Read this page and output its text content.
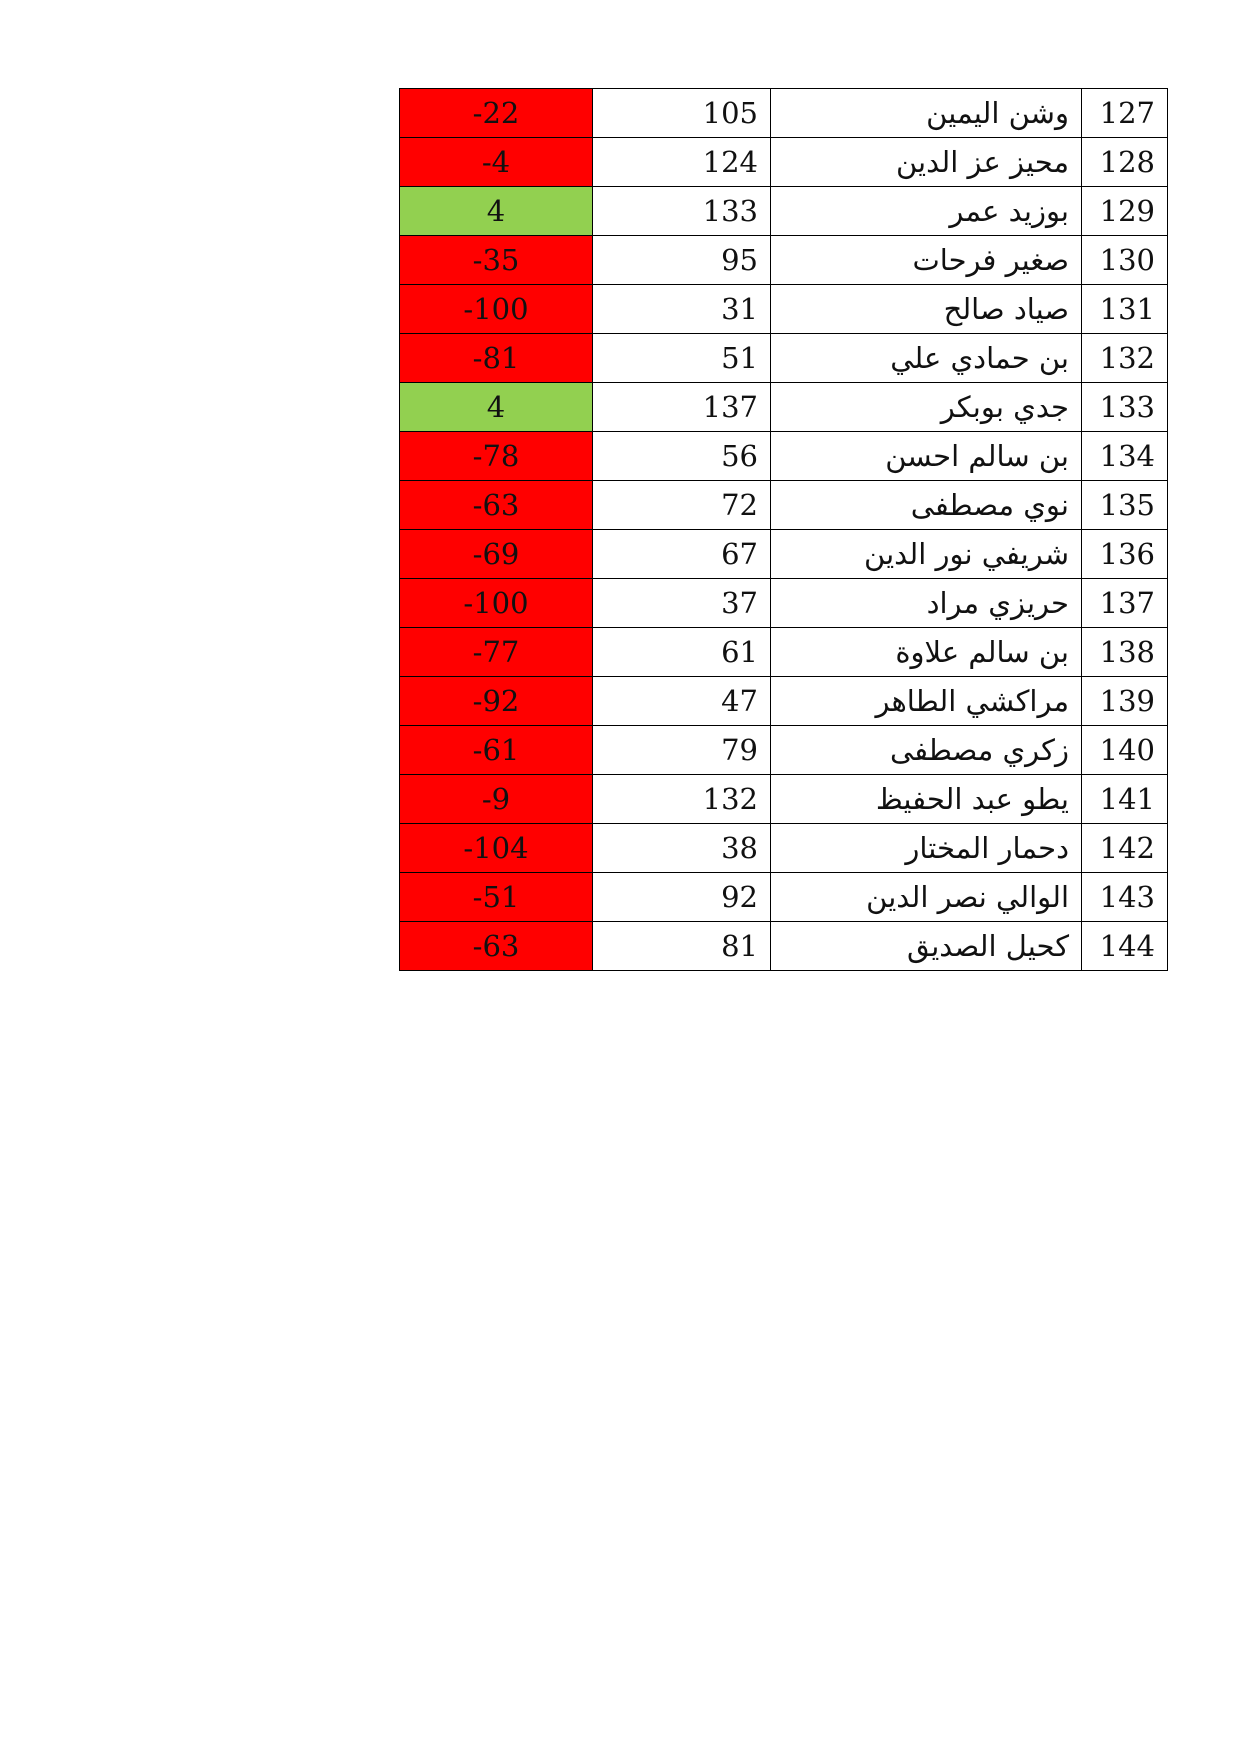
-22	105	وشن اليمين	127
-4	124	محيز عز الدين	128
4	133	بوزيد عمر	129
-35	95	صغير فرحات	130
-100	31	صياد صالح	131
-81	51	بن حمادي علي	132
4	137	جدي بوبكر	133
-78	56	بن سالم احسن	134
-63	72	نوي مصطفى	135
-69	67	شريفي نور الدين	136
-100	37	حريزي مراد	137
-77	61	بن سالم علاوة	138
-92	47	مراكشي الطاهر	139
-61	79	زكري مصطفى	140
-9	132	يطو عبد الحفيظ	141
-104	38	دحمار المختار	142
-51	92	الوالي نصر الدين	143
-63	81	كحيل الصديق	144
